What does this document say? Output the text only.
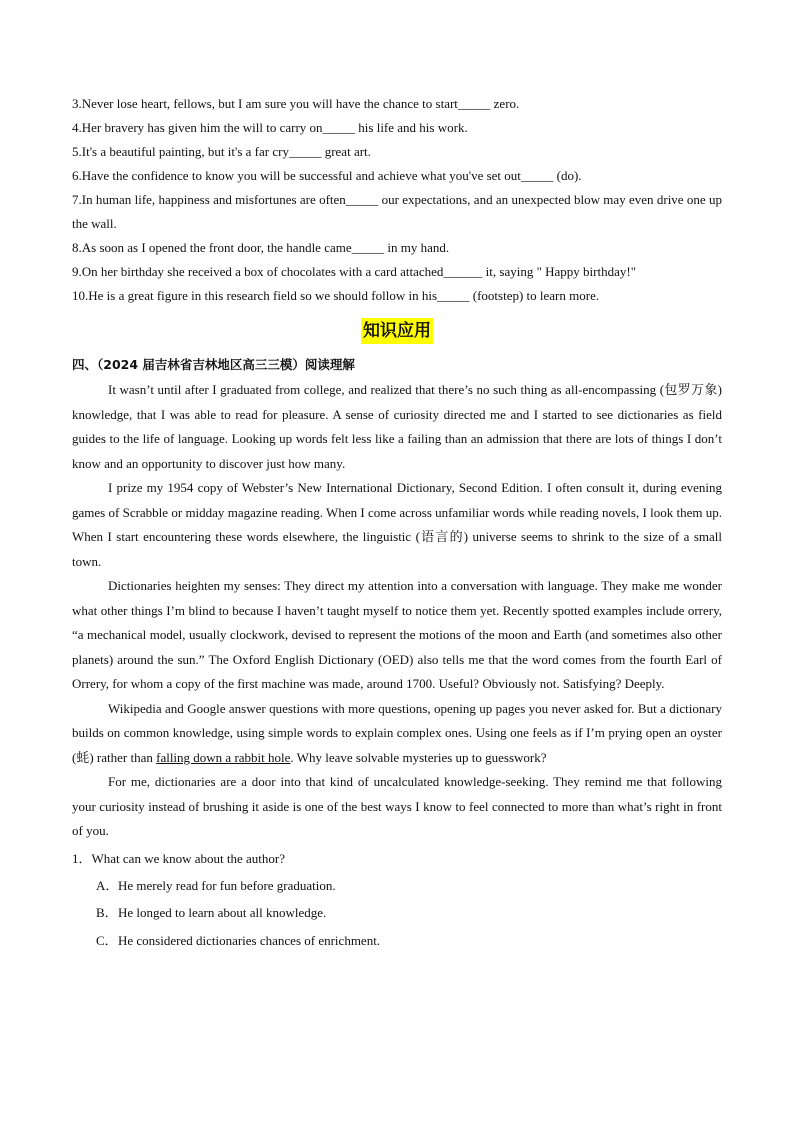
3.Never lose heart, fellows, but I am sure you will have the chance to start_____ zero.

4.Her bravery has given him the will to carry on_____ his life and his work.

5.It's a beautiful painting, but it's a far cry_____ great art.

6.Have the confidence to know you will be successful and achieve what you've set out_____ (do).

7.In human life, happiness and misfortunes are often_____ our expectations, and an unexpected blow may even drive one up the wall.

8.As soon as I opened the front door, the handle came_____ in my hand.

9.On her birthday she received a box of chocolates with a card attached______ it, saying " Happy birthday!"

10.He is a great figure in this research field so we should follow in his_____ (footstep) to learn more.

知识应用

四、（2024 届吉林省吉林地区高三三模）阅读理解

It wasn’t until after I graduated from college, and realized that there’s no such thing as all-encompassing (包罗万象) knowledge, that I was able to read for pleasure. A sense of curiosity directed me and I started to see dictionaries as field guides to the life of language. Looking up words felt less like a failing than an admission that there are lots of things I don’t know and an opportunity to discover just how many.

I prize my 1954 copy of Webster’s New International Dictionary, Second Edition. I often consult it, during evening games of Scrabble or midday magazine reading. When I come across unfamiliar words while reading novels, I look them up. When I start encountering these words elsewhere, the linguistic (语言的) universe seems to shrink to the size of a small town.

Dictionaries heighten my senses: They direct my attention into a conversation with language. They make me wonder what other things I’m blind to because I haven’t taught myself to notice them yet. Recently spotted examples include orrery, “a mechanical model, usually clockwork, devised to represent the motions of the moon and Earth (and sometimes also other planets) around the sun.” The Oxford English Dictionary (OED) also tells me that the word comes from the fourth Earl of Orrery, for whom a copy of the first machine was made, around 1700. Useful? Obviously not. Satisfying? Deeply.

Wikipedia and Google answer questions with more questions, opening up pages you never asked for. But a dictionary builds on common knowledge, using simple words to explain complex ones. Using one feels as if I’m prying open an oyster (蚝) rather than falling down a rabbit hole. Why leave solvable mysteries up to guesswork?

For me, dictionaries are a door into that kind of uncalculated knowledge-seeking. They remind me that following your curiosity instead of brushing it aside is one of the best ways I know to feel connected to more than what’s right in front of you.

1．What can we know about the author?

A．He merely read for fun before graduation.
B．He longed to learn about all knowledge.
C．He considered dictionaries chances of enrichment.
